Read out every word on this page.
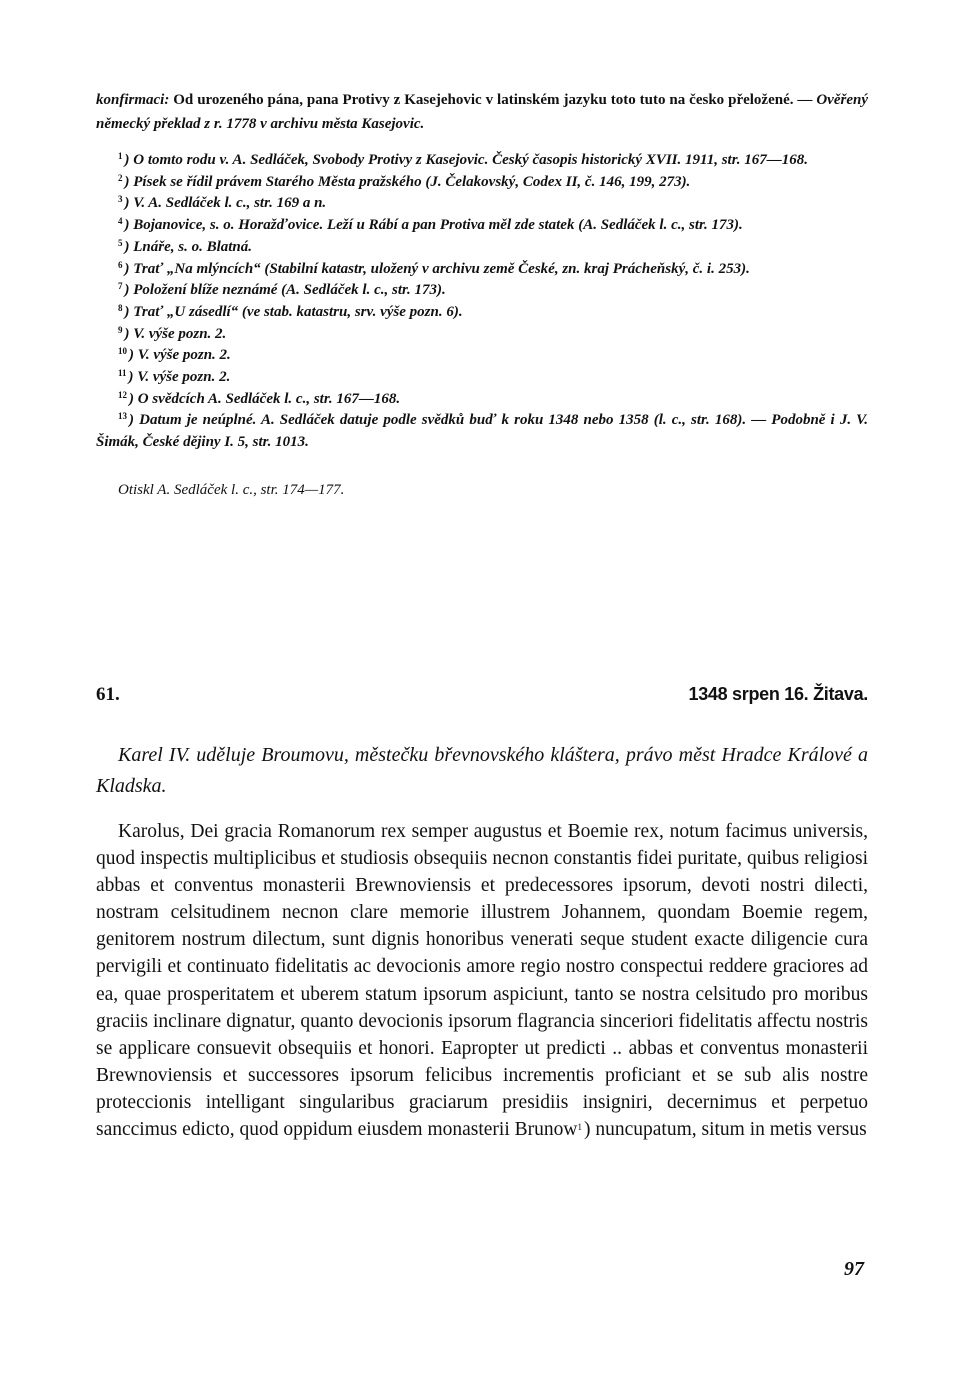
konfirmaci: Od urozeného pána, pana Protivy z Kasejehovic v latinském jazyku toto tuto na česko přeložené. — Ověřený německý překlad z r. 1778 v archivu města Kasejovic.

$^1$ ) O tomto rodu v. A. Sedláček, Svobody Protivy z Kasejovic. Český časopis historický XVII. 1911, str. 167—168.

$^2$ ) Písek se řídil právem Starého Města pražského (J. Čelakovský, Codex II, č. 146, 199, 273).

$^3$ ) V. A. Sedláček l. c., str. 169 a n.

$^4$ ) Bojanovice, s. o. Horažďovice. Leží u Rábí a pan Protiva měl zde statek (A. Sedláček l. c., str. 173).

$^5$ ) Lnáře, s. o. Blatná.

$^6$ ) Trať „Na mlýncích“ (Stabilní katastr, uložený v archivu země České, zn. kraj Prácheňský, č. i. 253).

$^7$ ) Položení blíže neznámé (A. Sedláček l. c., str. 173).

$^8$ ) Trať „U zásedlí“ (ve stab. katastru, srv. výše pozn. 6).

$^9$ ) V. výše pozn. 2.

$^{10}$ ) V. výše pozn. 2.

$^{11}$ ) V. výše pozn. 2.

$^{12}$ ) O svědcích A. Sedláček l. c., str. 167—168.

$^{13}$ ) Datum je neúplné. A. Sedláček datuje podle svědků buď k roku 1348 nebo 1358 (l. c., str. 168). — Podobně i J. V. Šimák, České dějiny I. 5, str. 1013.

Otiskl A. Sedláček l. c., str. 174—177.

61.	1348 srpen 16. Žitava.

Karel IV. uděluje Broumovu, městečku břevnovského kláštera, právo měst Hradce Králové a Kladska.

Karolus, Dei gracia Romanorum rex semper augustus et Boemie rex, notum facimus universis, quod inspectis multiplicibus et studiosis obsequiis necnon constantis fidei puritate, quibus religiosi abbas et conventus monasterii Brewnoviensis et predecessores ipsorum, devoti nostri dilecti, nostram celsitudinem necnon clare memorie illustrem Johannem, quondam Boemie regem, genitorem nostrum dilectum, sunt dignis honoribus venerati seque student exacte diligencie cura pervigili et continuato fidelitatis ac devocionis amore regio nostro conspectui reddere graciores ad ea, quae prosperitatem et uberem statum ipsorum aspiciunt, tanto se nostra celsitudo pro moribus graciis inclinare dignatur, quanto devocionis ipsorum flagrancia sinceriori fidelitatis affectu nostris se applicare consuevit obsequiis et honori. Eapropter ut predicti .. abbas et conventus monasterii Brewnoviensis et successores ipsorum felicibus incrementis proficiant et se sub alis nostre proteccionis intelligant singularibus graciarum presidiis insigniri, decernimus et perpetuo sanccimus edicto, quod oppidum eiusdem monasterii Brunow$^1$ ) nuncupatum, situm in metis versus

97
